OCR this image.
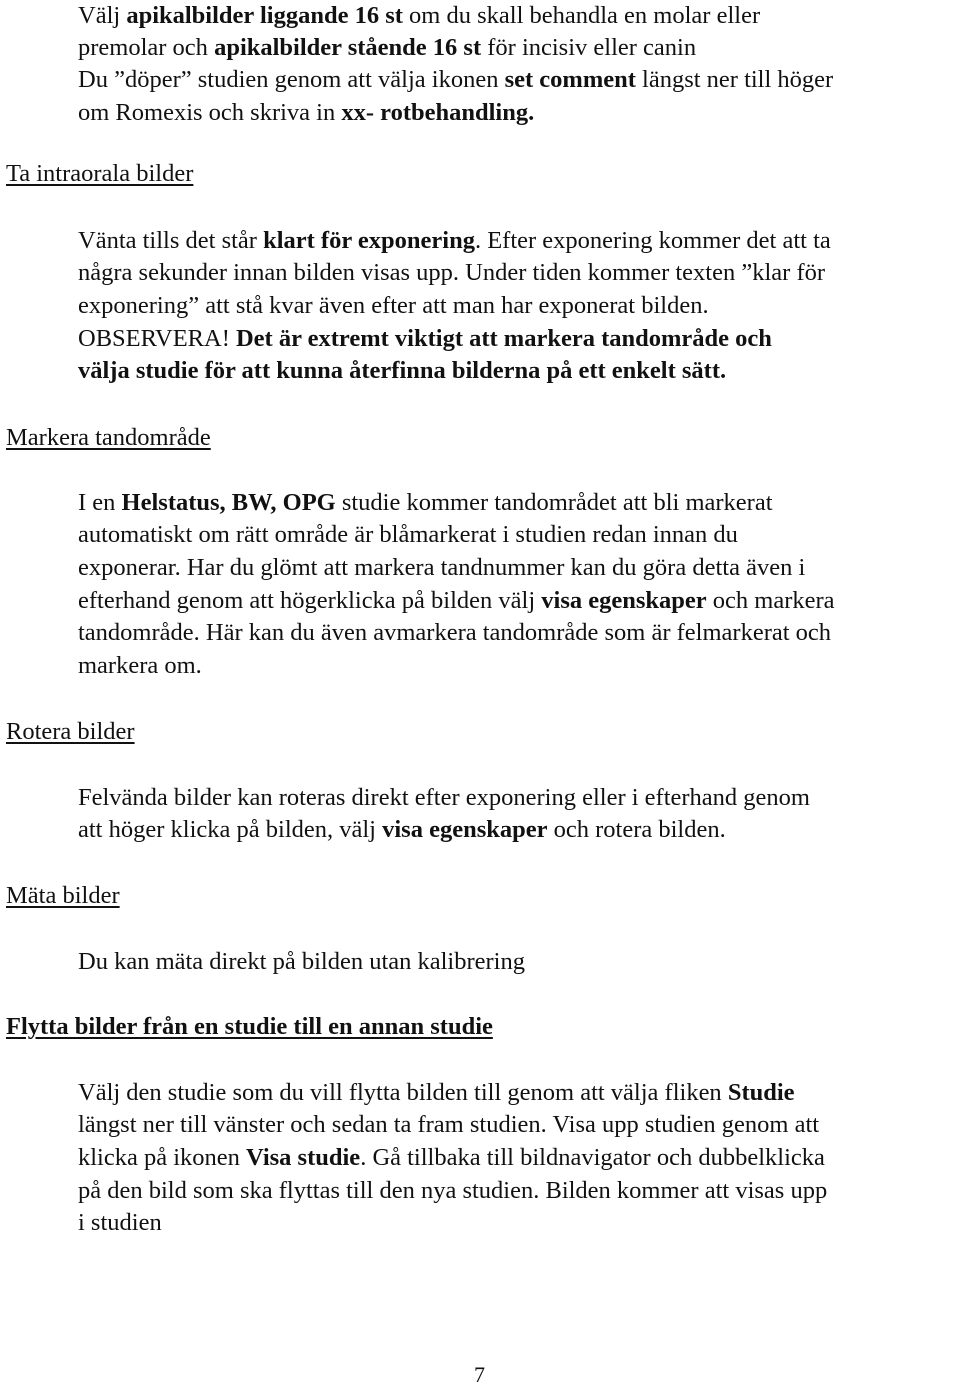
Välj apikalbilder liggande 16 st om du skall behandla en molar eller
premolar och apikalbilder stående 16 st för incisiv eller canin
Du ”döper” studien genom att välja ikonen set comment längst ner till höger
om Romexis och skriva in xx- rotbehandling.
Ta intraorala bilder
Vänta tills det står klart för exponering. Efter exponering kommer det att ta
några sekunder innan bilden visas upp. Under tiden kommer texten ”klar för
exponering” att stå kvar även efter att man har exponerat bilden.
OBSERVERA! Det är extremt viktigt att markera tandområde och
välja studie för att kunna återfinna bilderna på ett enkelt sätt.
Markera tandområde
I en Helstatus, BW, OPG studie kommer tandområdet att bli markerat
automatiskt om rätt område är blåmarkerat i studien redan innan du
exponerar. Har du glömt att markera tandnummer kan du göra detta även i
efterhand genom att högerklicka på bilden välj visa egenskaper och markera
tandområde. Här kan du även avmarkera tandområde som är felmarkerat och
markera om.
Rotera bilder
Felvända bilder kan roteras direkt efter exponering eller i efterhand genom
att höger klicka på bilden, välj visa egenskaper och rotera bilden.
Mäta bilder
Du kan mäta direkt på bilden utan kalibrering
Flytta bilder från en studie till en annan studie
Välj den studie som du vill flytta bilden till genom att välja fliken Studie
längst ner till vänster och sedan ta fram studien. Visa upp studien genom att
klicka på ikonen Visa studie. Gå tillbaka till bildnavigator och dubbelklicka
på den bild som ska flyttas till den nya studien. Bilden kommer att visas upp
i studien
7
